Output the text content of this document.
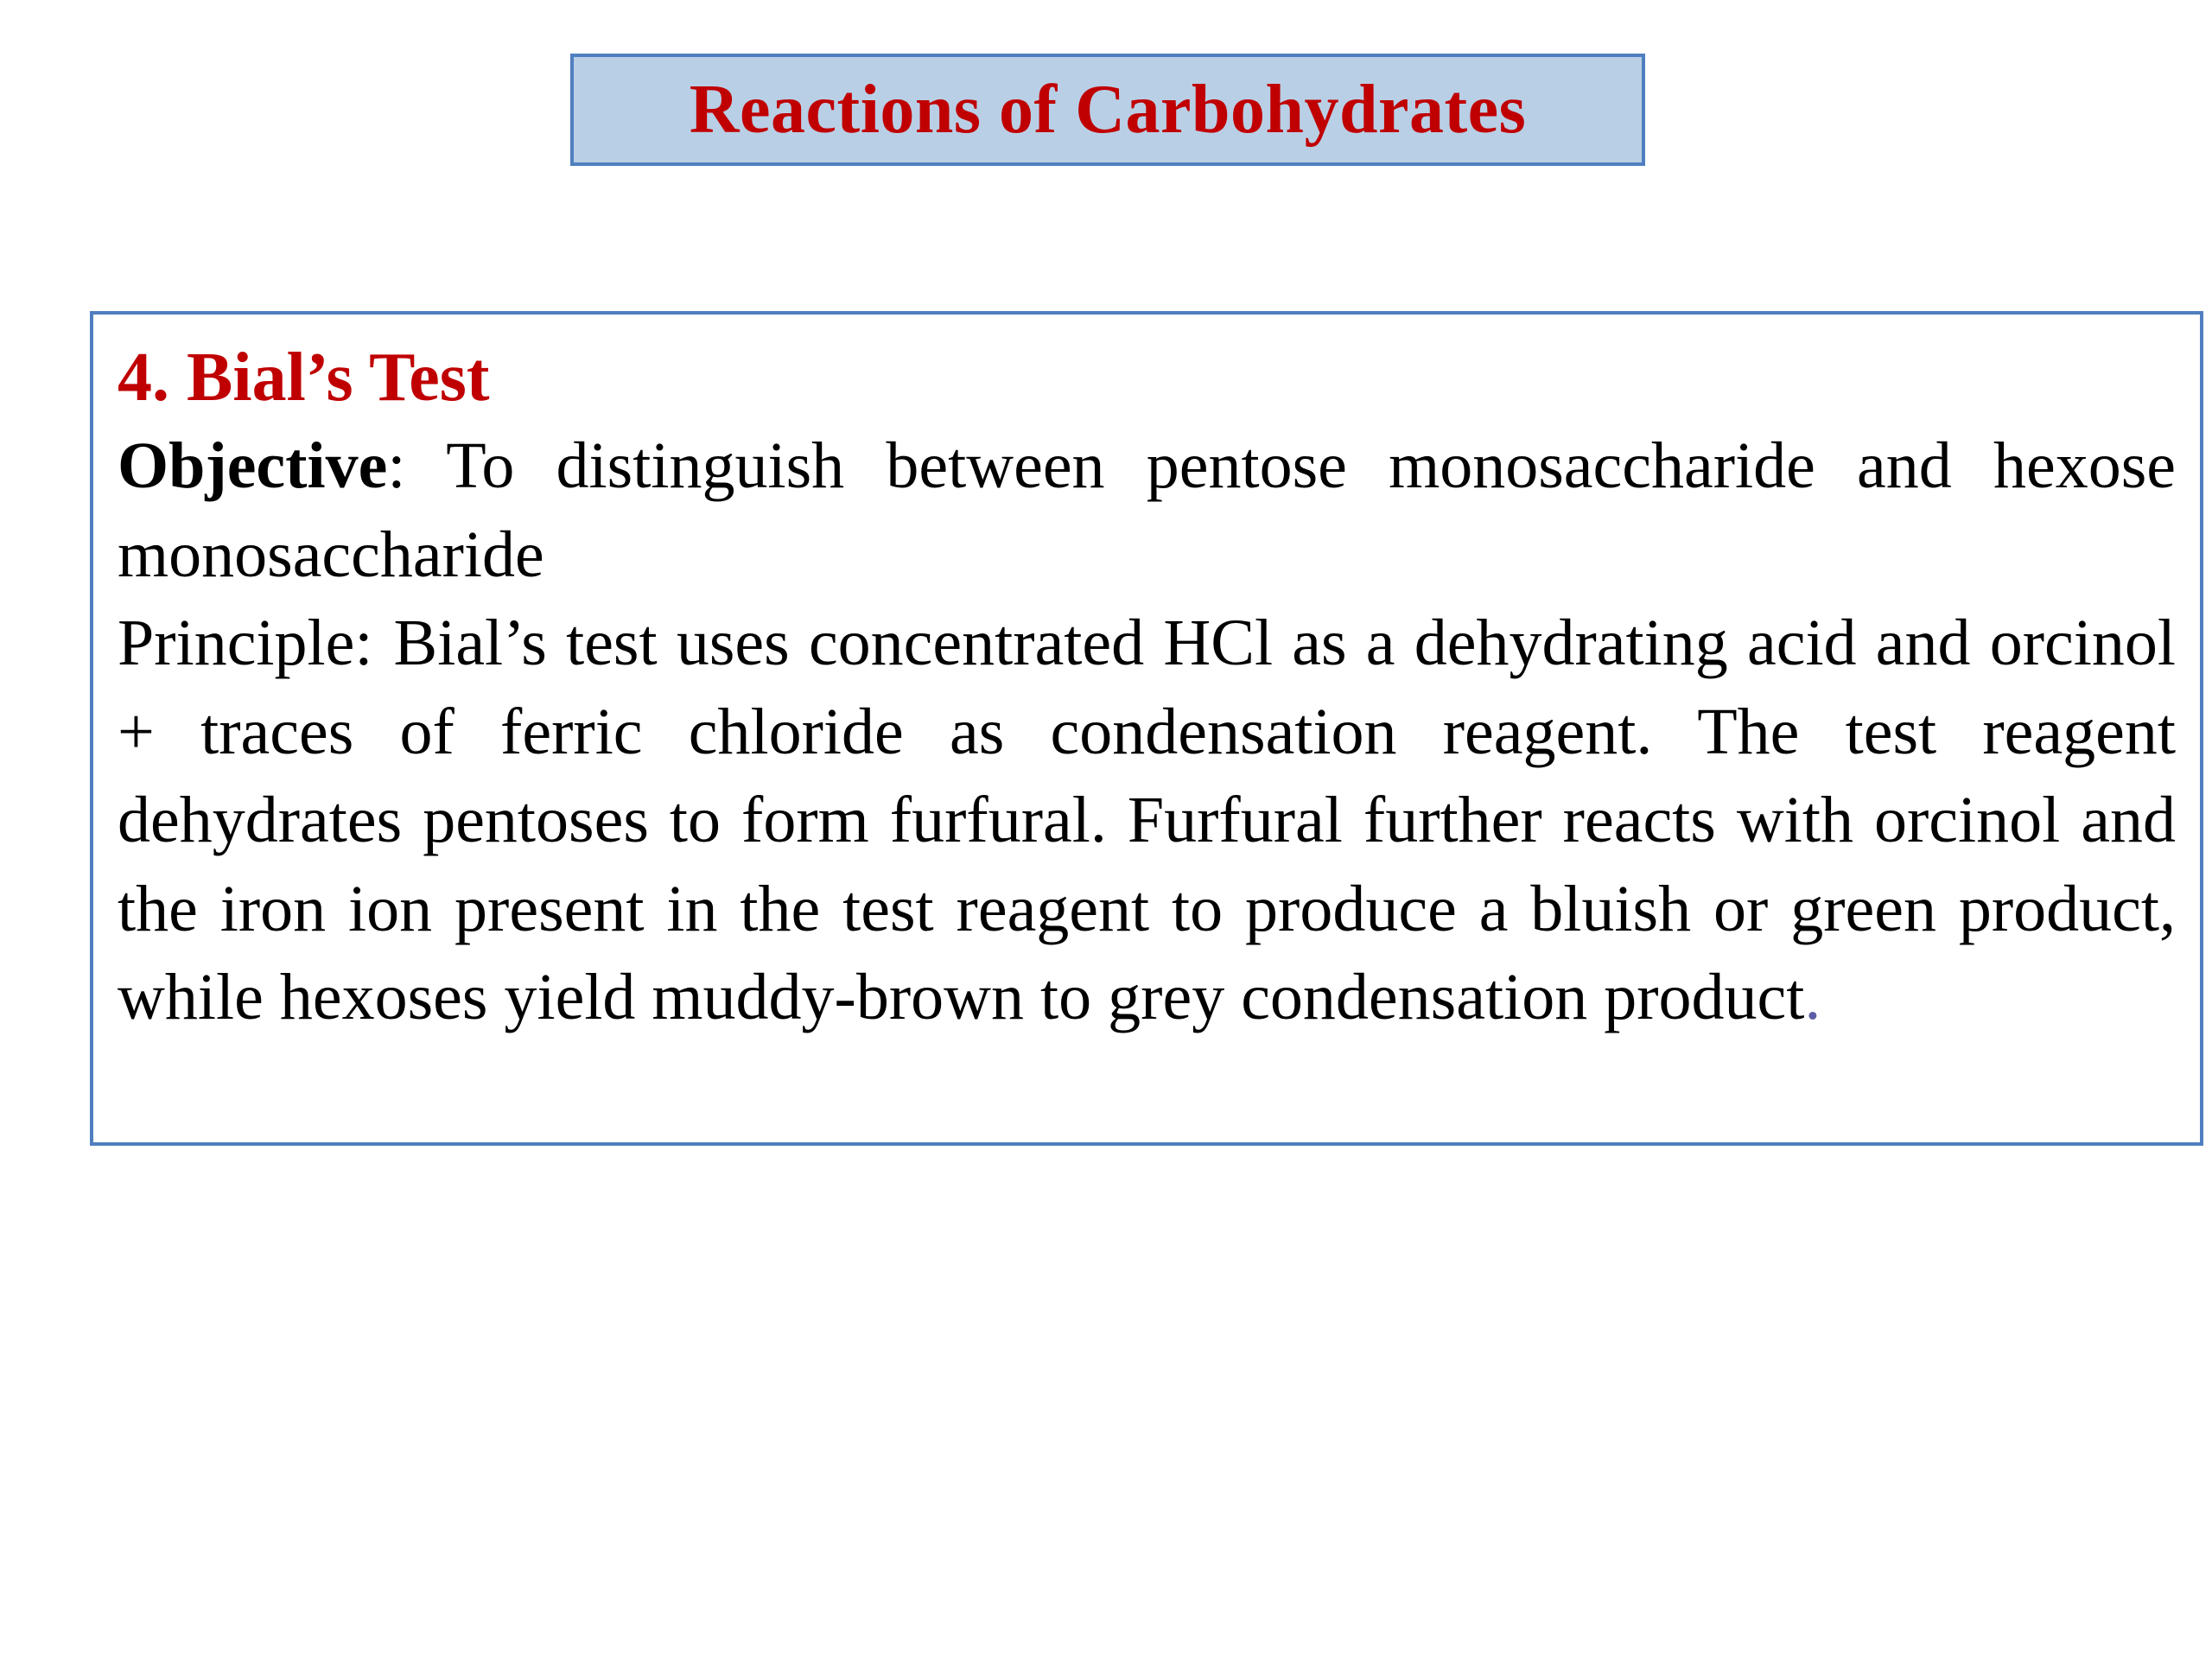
Reactions of Carbohydrates

4. Bial’s Test

Objective: To distinguish between pentose monosaccharide and hexose monosaccharide

Principle: Bial’s test uses concentrated HCl as a dehydrating acid and orcinol + traces of ferric chloride as condensation reagent. The test reagent dehydrates pentoses to form furfural. Furfural further reacts with orcinol and the iron ion present in the test reagent to produce a bluish or green product, while hexoses yield muddy-brown to grey condensation product.
